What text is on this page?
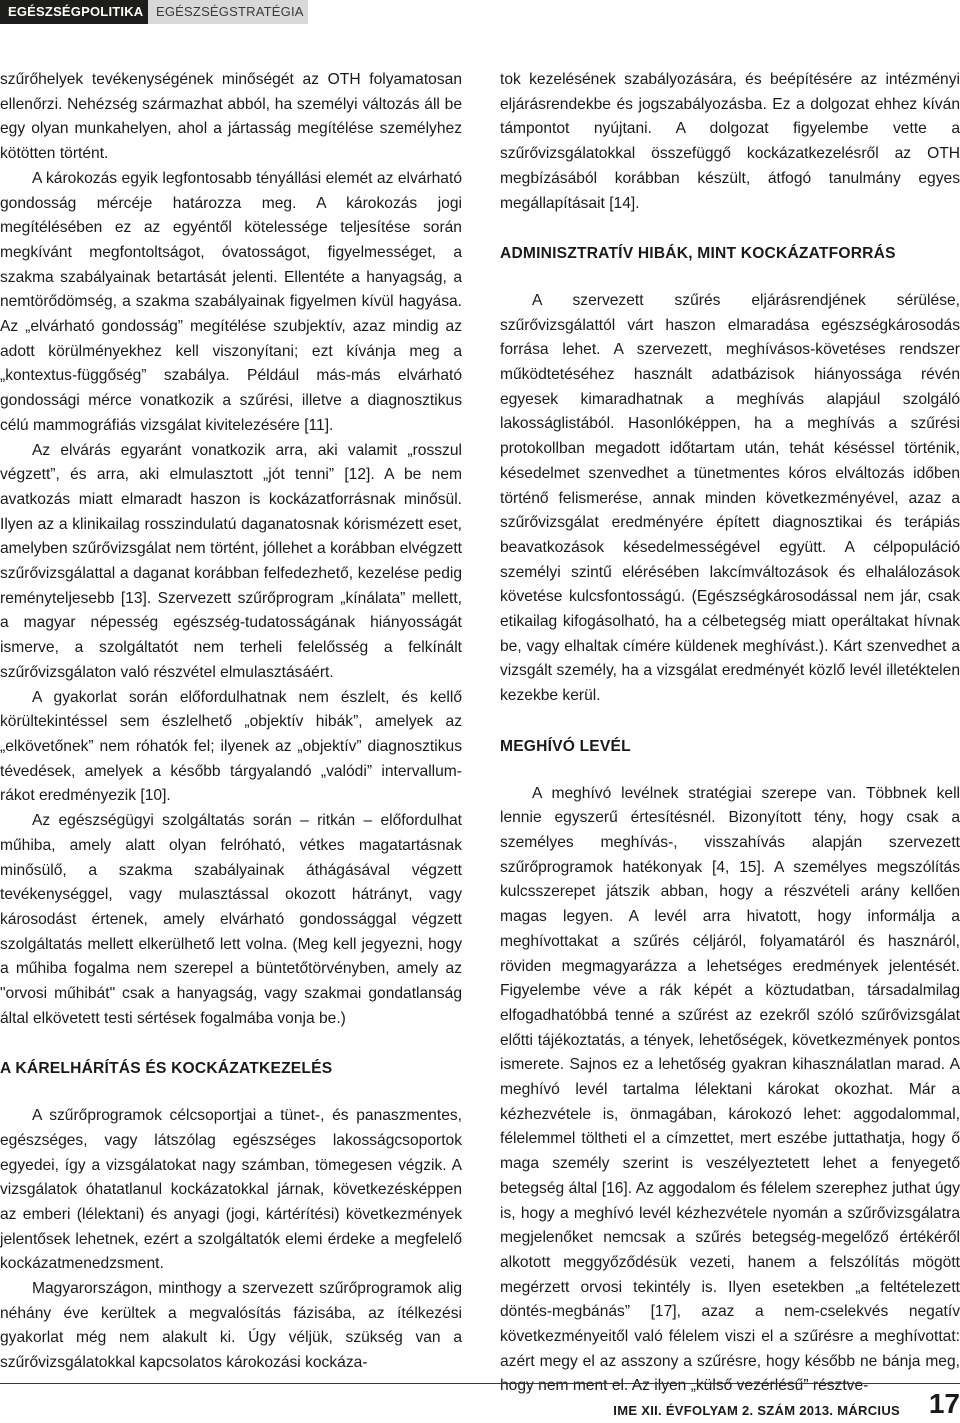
EGÉSZSÉGPOLITIKA EGÉSZSÉGSTRATÉGIA

szűrőhelyek tevékenységének minőségét az OTH folyamatosan ellenőrzi. Nehézség származhat abból, ha személyi változás áll be egy olyan munkahelyen, ahol a jártasság megítélése személyhez kötötten történt.

A károkozás egyik legfontosabb tényállási elemét az elvárható gondosság mércéje határozza meg. A károkozás jogi megítélésében ez az egyéntől kötelessége teljesítése során megkívánt megfontoltságot, óvatosságot, figyelmességet, a szakma szabályainak betartását jelenti. Ellentéte a hanyagság, a nemtörődömség, a szakma szabályainak figyelmen kívül hagyása. Az „elvárható gondosság” megítélése szubjektív, azaz mindig az adott körülményekhez kell viszonyítani; ezt kívánja meg a „kontextus-függőség” szabálya. Például más-más elvárható gondossági mérce vonatkozik a szűrési, illetve a diagnosztikus célú mammográfiás vizsgálat kivitelezésére [11].

Az elvárás egyaránt vonatkozik arra, aki valamit „rosszul végzett”, és arra, aki elmulasztott „jót tenni” [12]. A be nem avatkozás miatt elmaradt haszon is kockázatforrásnak minősül. Ilyen az a klinikailag rosszindulatú daganatosnak kórismézett eset, amelyben szűrővizsgálat nem történt, jóllehet a korábban elvégzett szűrővizsgálattal a daganat korábban felfedezhető, kezelése pedig reményteljesebb [13]. Szervezett szűrőprogram „kínálata” mellett, a magyar népesség egészség-tudatosságának hiányosságát ismerve, a szolgáltatót nem terheli felelősség a felkínált szűrővizsgálaton való részvétel elmulasztásáért.

A gyakorlat során előfordulhatnak nem észlelt, és kellő körültekintéssel sem észlelhető „objektív hibák”, amelyek az „elkövetőnek” nem róhatók fel; ilyenek az „objektív” diagnosztikus tévedések, amelyek a később tárgyalandó „valódi” intervallum-rákot eredményezik [10].

Az egészségügyi szolgáltatás során – ritkán – előfordulhat műhiba, amely alatt olyan felróható, vétkes magatartásnak minősülő, a szakma szabályainak áthágásával végzett tevékenységgel, vagy mulasztással okozott hátrányt, vagy károsodást értenek, amely elvárható gondossággal végzett szolgáltatás mellett elkerülhető lett volna. (Meg kell jegyezni, hogy a műhiba fogalma nem szerepel a büntetőtörvényben, amely az "orvosi műhibát" csak a hanyagság, vagy szakmai gondatlanság által elkövetett testi sértések fogalmába vonja be.)

A KÁRELHÁRÍTÁS ÉS KOCKÁZATKEZELÉS

A szűrőprogramok célcsoportjai a tünet-, és panaszmentes, egészséges, vagy látszólag egészséges lakosságcsoportok egyedei, így a vizsgálatokat nagy számban, tömegesen végzik. A vizsgálatok óhatatlanul kockázatokkal járnak, következésképpen az emberi (lélektani) és anyagi (jogi, kártérítési) következmények jelentősek lehetnek, ezért a szolgáltatók elemi érdeke a megfelelő kockázatmenedzsment.

Magyarországon, minthogy a szervezett szűrőprogramok alig néhány éve kerültek a megvalósítás fázisába, az ítélkezési gyakorlat még nem alakult ki. Úgy véljük, szükség van a szűrővizsgálatokkal kapcsolatos károkozási kockáza-

tok kezelésének szabályozására, és beépítésére az intézményi eljárásrendekbe és jogszabályozásba. Ez a dolgozat ehhez kíván támpontot nyújtani. A dolgozat figyelembe vette a szűrővizsgálatokkal összefüggő kockázatkezelésről az OTH megbízásából korábban készült, átfogó tanulmány egyes megállapításait [14].

ADMINISZTRATÍV HIBÁK, MINT KOCKÁZATFORRÁS

A szervezett szűrés eljárásrendjének sérülése, szűrővizsgálattól várt haszon elmaradása egészségkárosodás forrása lehet. A szervezett, meghívásos-követéses rendszer működtetéséhez használt adatbázisok hiányossága révén egyesek kimaradhatnak a meghívás alapjául szolgáló lakosságlistából. Hasonlóképpen, ha a meghívás a szűrési protokollban megadott időtartam után, tehát késéssel történik, késedelmet szenvedhet a tünetmentes kóros elváltozás időben történő felismerése, annak minden következményével, azaz a szűrővizsgálat eredményére épített diagnosztikai és terápiás beavatkozások késedelmességével együtt. A célpopuláció személyi szintű elérésében lakcímváltozások és elhalálozások követése kulcsfontosságú. (Egészségkárosodással nem jár, csak etikailag kifogásolható, ha a célbetegség miatt operáltakat hívnak be, vagy elhaltak címére küldenek meghívást.). Kárt szenvedhet a vizsgált személy, ha a vizsgálat eredményét közlő levél illetéktelen kezekbe kerül.

MEGHÍVÓ LEVÉL

A meghívó levélnek stratégiai szerepe van. Többnek kell lennie egyszerű értesítésnél. Bizonyított tény, hogy csak a személyes meghívás-, visszahívás alapján szervezett szűrőprogramok hatékonyak [4, 15]. A személyes megszólítás kulcsszerepet játszik abban, hogy a részvételi arány kellően magas legyen. A levél arra hivatott, hogy informálja a meghívottakat a szűrés céljáról, folyamatáról és hasznáról, röviden megmagyarázza a lehetséges eredmények jelentését. Figyelembe véve a rák képét a köztudatban, társadalmilag elfogadhatóbbá tenné a szűrést az ezekről szóló szűrővizsgálat előtti tájékoztatás, a tények, lehetőségek, következmények pontos ismerete. Sajnos ez a lehetőség gyakran kihasználatlan marad. A meghívó levél tartalma lélektani károkat okozhat. Már a kézhezvétele is, önmagában, károkozó lehet: aggodalommal, félelemmel töltheti el a címzettet, mert eszébe juttathatja, hogy ő maga személy szerint is veszélyeztetett lehet a fenyegető betegség által [16]. Az aggodalom és félelem szerephez juthat úgy is, hogy a meghívó levél kézhezvétele nyomán a szűrővizsgálatra megjelenőket nemcsak a szűrés betegség-megelőző értékéről alkotott meggyőződésük vezeti, hanem a felszólítás mögött megérzett orvosi tekintély is. Ilyen esetekben „a feltételezett döntés-megbánás” [17], azaz a nem-cselekvés negatív következményeitől való félelem viszi el a szűrésre a meghívottat: azért megy el az asszony a szűrésre, hogy később ne bánja meg, hogy nem ment el. Az ilyen „külső vezérlésű” résztve-

IME XII. ÉVFOLYAM 2. SZÁM 2013. MÁRCIUS 17
